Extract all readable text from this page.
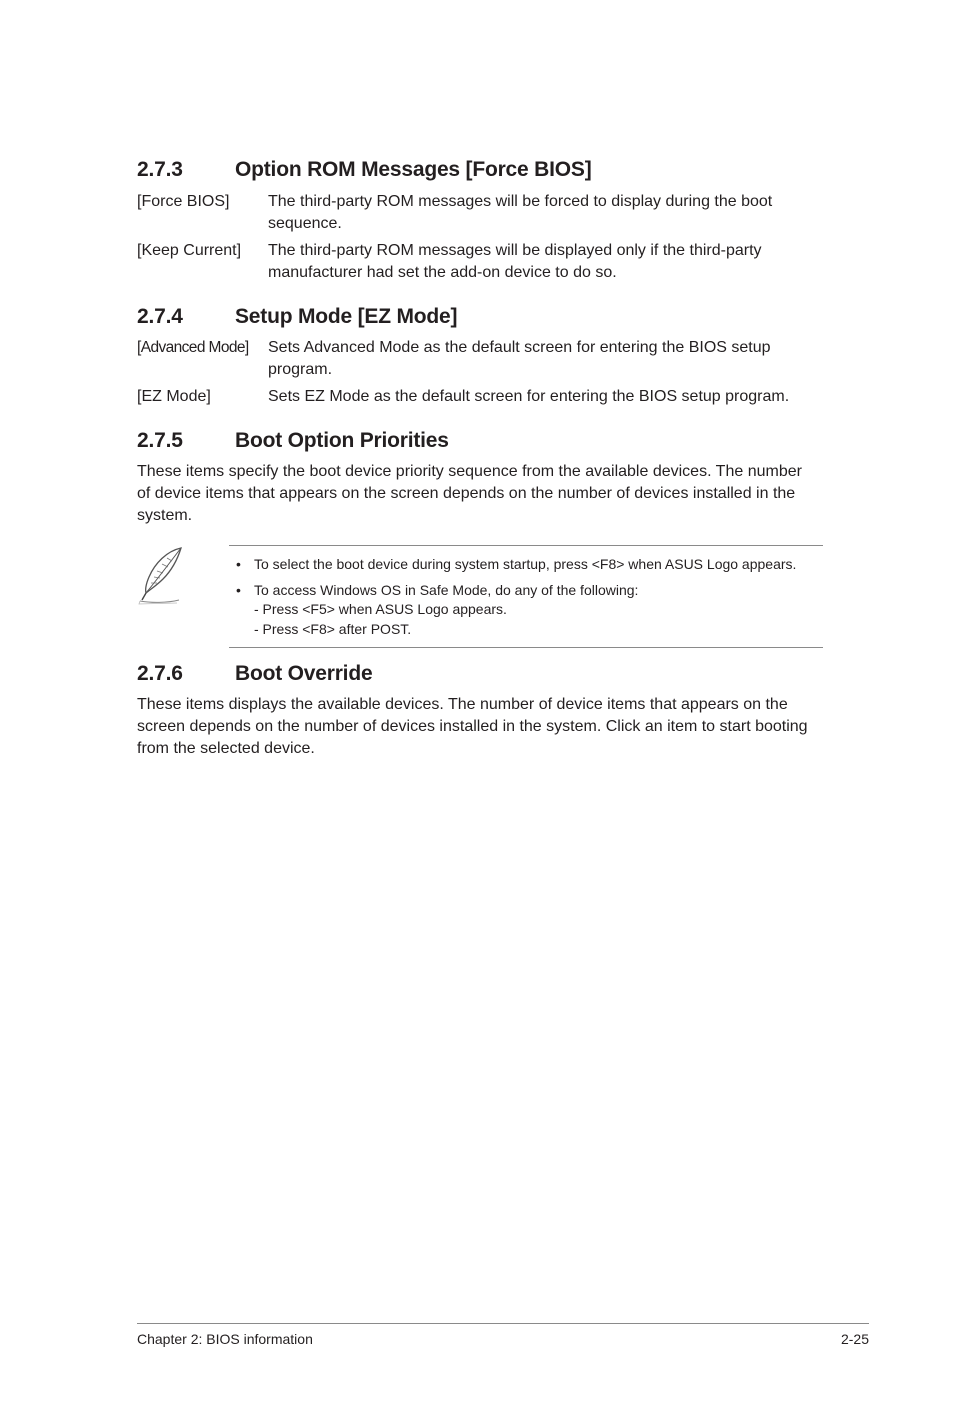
2.7.3 Option ROM Messages [Force BIOS]
[Force BIOS] The third-party ROM messages will be forced to display during the boot sequence.
[Keep Current] The third-party ROM messages will be displayed only if the third-party manufacturer had set the add-on device to do so.
2.7.4 Setup Mode [EZ Mode]
[Advanced Mode] Sets Advanced Mode as the default screen for entering the BIOS setup program.
[EZ Mode]	Sets EZ Mode as the default screen for entering the BIOS setup program.
2.7.5 Boot Option Priorities
These items specify the boot device priority sequence from the available devices. The number of device items that appears on the screen depends on the number of devices installed in the system.
• To select the boot device during system startup, press <F8> when ASUS Logo appears.
• To access Windows OS in Safe Mode, do any of the following:
- Press <F5> when ASUS Logo appears.
- Press <F8> after POST.
2.7.6 Boot Override
These items displays the available devices. The number of device items that appears on the screen depends on the number of devices installed in the system. Click an item to start booting from the selected device.
Chapter 2: BIOS information	2-25
